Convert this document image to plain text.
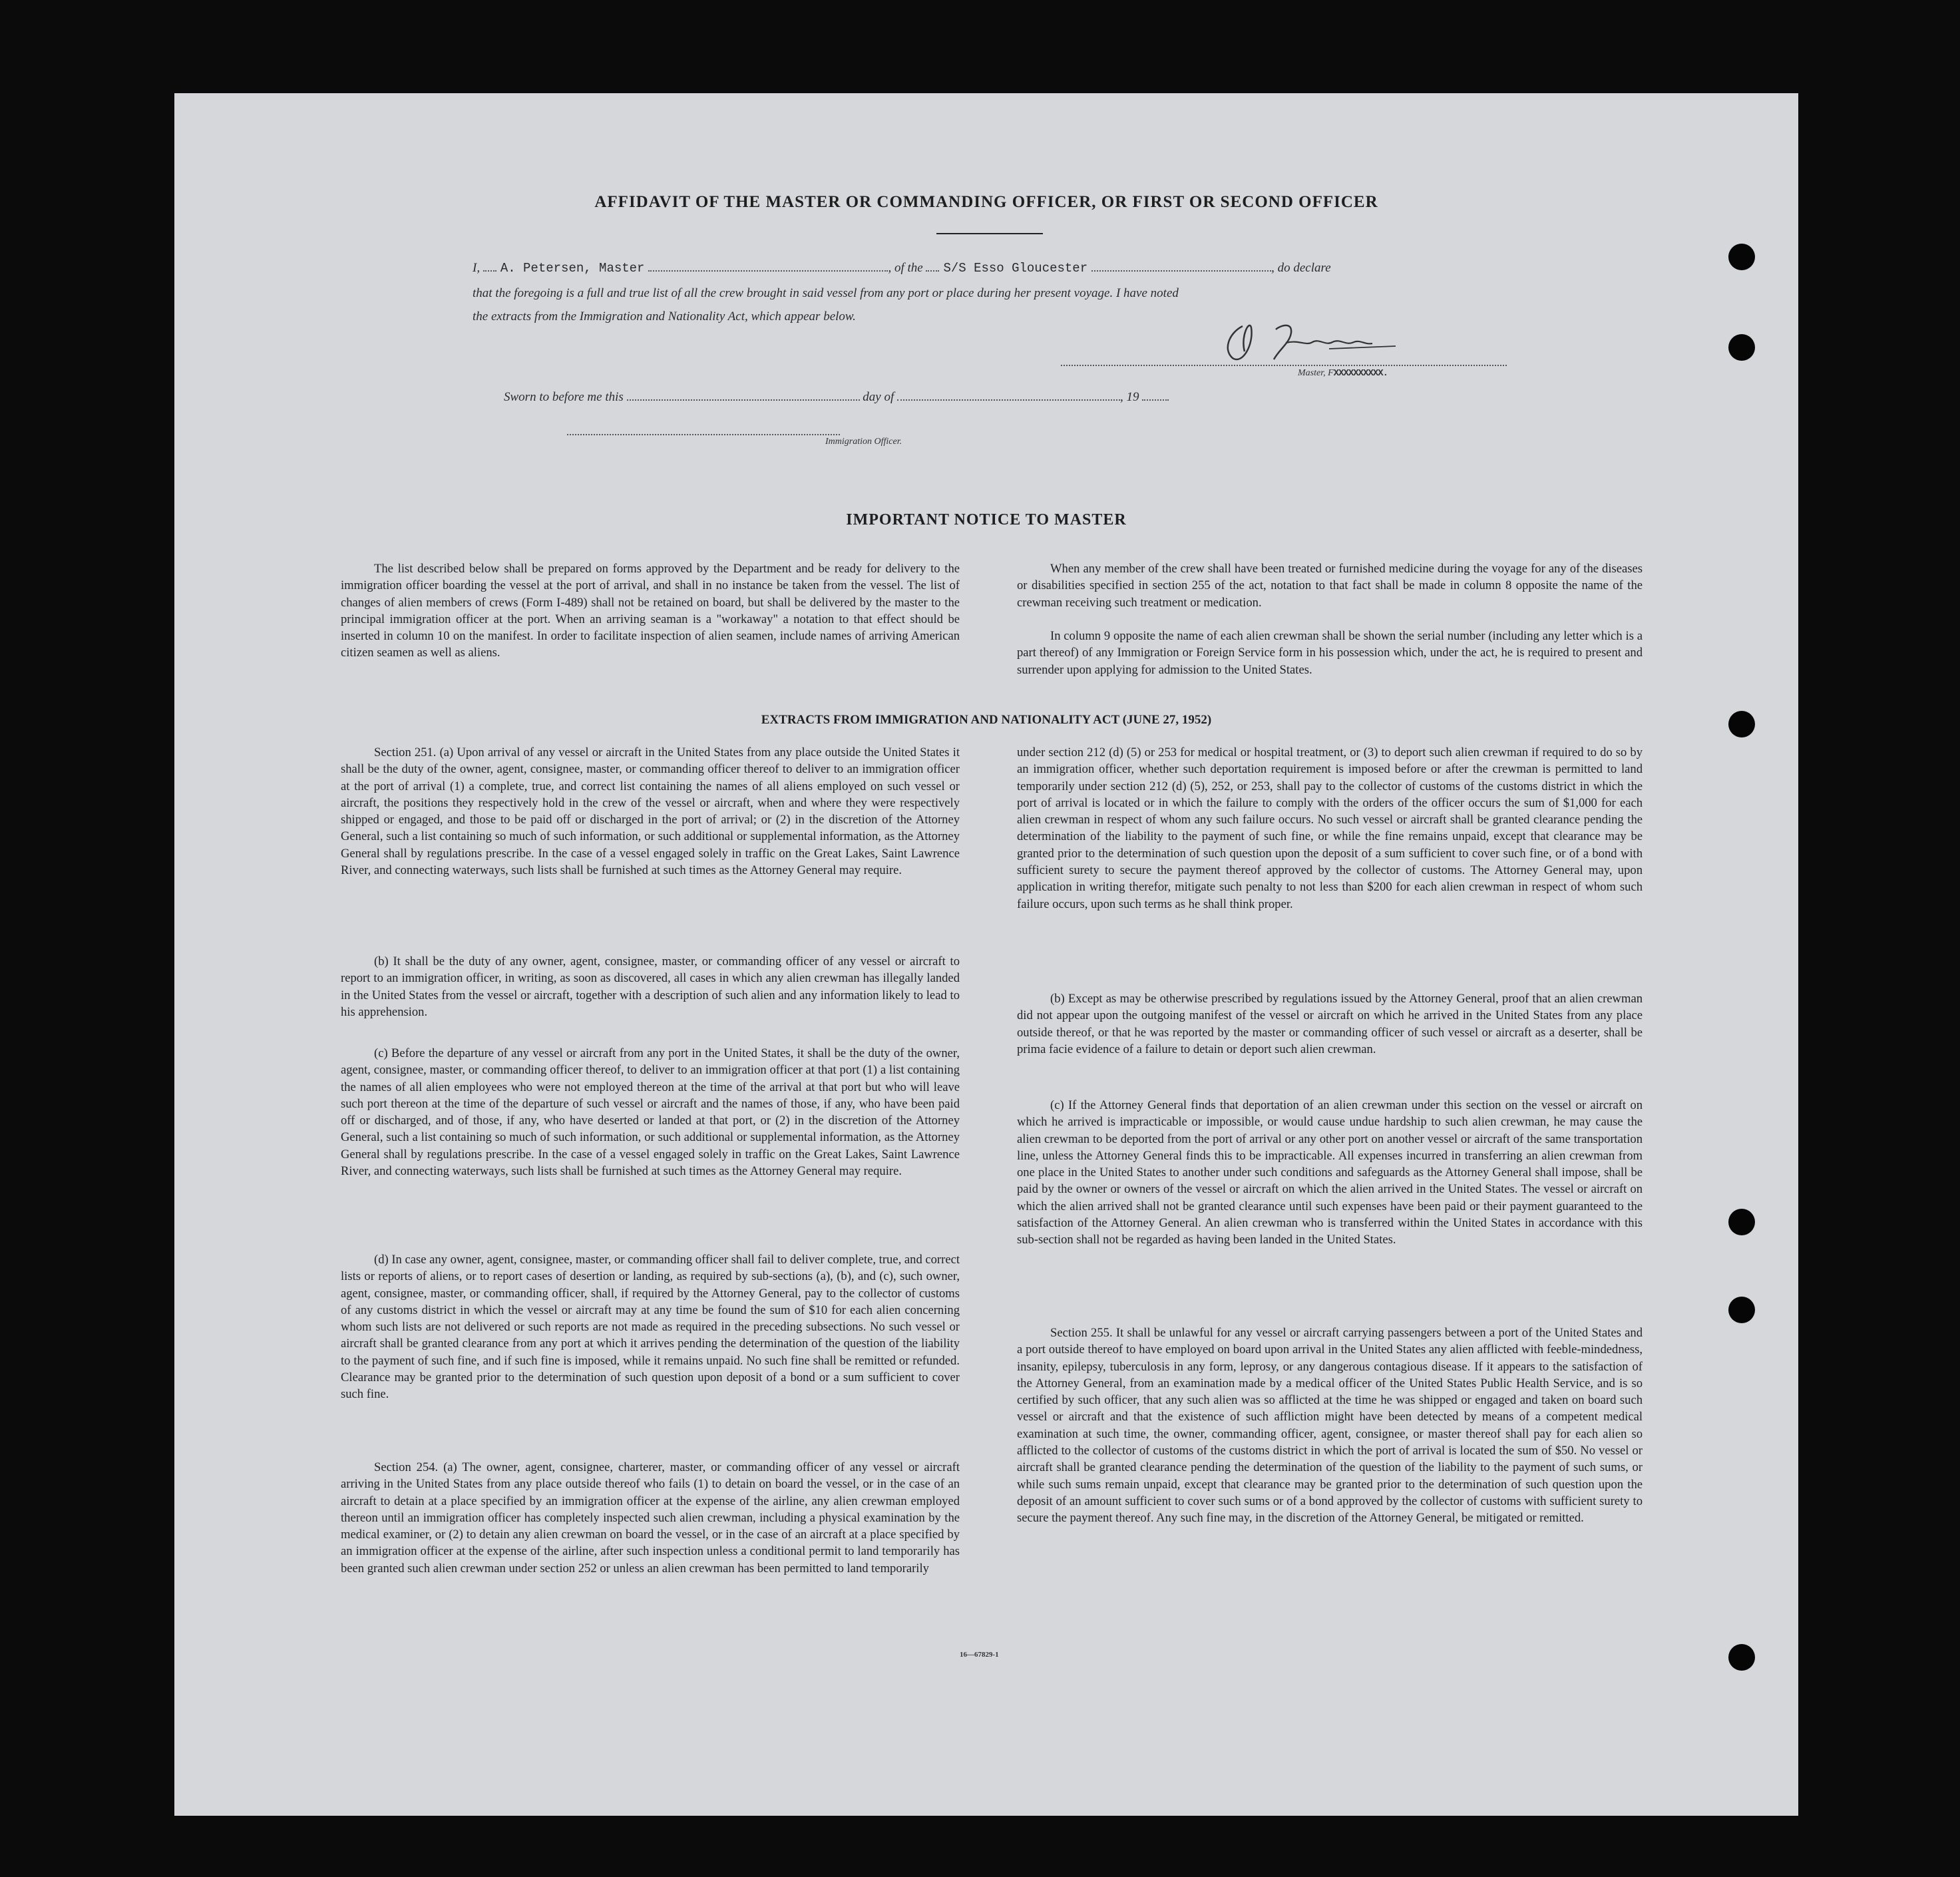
AFFIDAVIT OF THE MASTER OR COMMANDING OFFICER, OR FIRST OR SECOND OFFICER
I, A. Petersen, Master	, of the S/S Esso Gloucester	, do declare
that the foregoing is a full and true list of all the crew brought in said vessel from any port or place during her present voyage. I have noted
the extracts from the Immigration and Nationality Act, which appear below.
Master, FXXXXXXXXXX.
Sworn to before me this	day of	, 19
Immigration Officer.
IMPORTANT NOTICE TO MASTER

The list described below shall be prepared on forms approved by the Department and be ready for delivery to the immigration officer boarding the vessel at the port of arrival, and shall in no instance be taken from the vessel. The list of changes of alien members of crews (Form I-489) shall not be retained on board, but shall be delivered by the master to the principal immigration officer at the port. When an arriving seaman is a "workaway" a notation to that effect should be inserted in column 10 on the manifest. In order to facilitate inspection of alien seamen, include names of arriving American citizen seamen as well as aliens.

When any member of the crew shall have been treated or furnished medicine during the voyage for any of the diseases or disabilities specified in section 255 of the act, notation to that fact shall be made in column 8 opposite the name of the crewman receiving such treatment or medication.

In column 9 opposite the name of each alien crewman shall be shown the serial number (including any letter which is a part thereof) of any Immigration or Foreign Service form in his possession which, under the act, he is required to present and surrender upon applying for admission to the United States.

EXTRACTS FROM IMMIGRATION AND NATIONALITY ACT (JUNE 27, 1952)

Section 251. (a) Upon arrival of any vessel or aircraft in the United States from any place outside the United States it shall be the duty of the owner, agent, consignee, master, or commanding officer thereof to deliver to an immigration officer at the port of arrival (1) a complete, true, and correct list containing the names of all aliens employed on such vessel or aircraft, the positions they respectively hold in the crew of the vessel or aircraft, when and where they were respectively shipped or engaged, and those to be paid off or discharged in the port of arrival; or (2) in the discretion of the Attorney General, such a list containing so much of such information, or such additional or supplemental information, as the Attorney General shall by regulations prescribe. In the case of a vessel engaged solely in traffic on the Great Lakes, Saint Lawrence River, and connecting waterways, such lists shall be furnished at such times as the Attorney General may require.

(b) It shall be the duty of any owner, agent, consignee, master, or commanding officer of any vessel or aircraft to report to an immigration officer, in writing, as soon as discovered, all cases in which any alien crewman has illegally landed in the United States from the vessel or aircraft, together with a description of such alien and any information likely to lead to his apprehension.

(c) Before the departure of any vessel or aircraft from any port in the United States, it shall be the duty of the owner, agent, consignee, master, or commanding officer thereof, to deliver to an immigration officer at that port (1) a list containing the names of all alien employees who were not employed thereon at the time of the arrival at that port but who will leave such port thereon at the time of the departure of such vessel or aircraft and the names of those, if any, who have been paid off or discharged, and of those, if any, who have deserted or landed at that port, or (2) in the discretion of the Attorney General, such a list containing so much of such information, or such additional or supplemental information, as the Attorney General shall by regulations prescribe. In the case of a vessel engaged solely in traffic on the Great Lakes, Saint Lawrence River, and connecting waterways, such lists shall be furnished at such times as the Attorney General may require.

(d) In case any owner, agent, consignee, master, or commanding officer shall fail to deliver complete, true, and correct lists or reports of aliens, or to report cases of desertion or landing, as required by sub-sections (a), (b), and (c), such owner, agent, consignee, master, or commanding officer, shall, if required by the Attorney General, pay to the collector of customs of any customs district in which the vessel or aircraft may at any time be found the sum of $10 for each alien concerning whom such lists are not delivered or such reports are not made as required in the preceding subsections. No such vessel or aircraft shall be granted clearance from any port at which it arrives pending the determination of the question of the liability to the payment of such fine, and if such fine is imposed, while it remains unpaid. No such fine shall be remitted or refunded. Clearance may be granted prior to the determination of such question upon deposit of a bond or a sum sufficient to cover such fine.

Section 254. (a) The owner, agent, consignee, charterer, master, or commanding officer of any vessel or aircraft arriving in the United States from any place outside thereof who fails (1) to detain on board the vessel, or in the case of an aircraft to detain at a place specified by an immigration officer at the expense of the airline, any alien crewman employed thereon until an immigration officer has completely inspected such alien crewman, including a physical examination by the medical examiner, or (2) to detain any alien crewman on board the vessel, or in the case of an aircraft at a place specified by an immigration officer at the expense of the airline, after such inspection unless a conditional permit to land temporarily has been granted such alien crewman under section 252 or unless an alien crewman has been permitted to land temporarily

under section 212 (d) (5) or 253 for medical or hospital treatment, or (3) to deport such alien crewman if required to do so by an immigration officer, whether such deportation requirement is imposed before or after the crewman is permitted to land temporarily under section 212 (d) (5), 252, or 253, shall pay to the collector of customs of the customs district in which the port of arrival is located or in which the failure to comply with the orders of the officer occurs the sum of $1,000 for each alien crewman in respect of whom any such failure occurs. No such vessel or aircraft shall be granted clearance pending the determination of the liability to the payment of such fine, or while the fine remains unpaid, except that clearance may be granted prior to the determination of such question upon the deposit of a sum sufficient to cover such fine, or of a bond with sufficient surety to secure the payment thereof approved by the collector of customs. The Attorney General may, upon application in writing therefor, mitigate such penalty to not less than $200 for each alien crewman in respect of whom such failure occurs, upon such terms as he shall think proper.

(b) Except as may be otherwise prescribed by regulations issued by the Attorney General, proof that an alien crewman did not appear upon the outgoing manifest of the vessel or aircraft on which he arrived in the United States from any place outside thereof, or that he was reported by the master or commanding officer of such vessel or aircraft as a deserter, shall be prima facie evidence of a failure to detain or deport such alien crewman.

(c) If the Attorney General finds that deportation of an alien crewman under this section on the vessel or aircraft on which he arrived is impracticable or impossible, or would cause undue hardship to such alien crewman, he may cause the alien crewman to be deported from the port of arrival or any other port on another vessel or aircraft of the same transportation line, unless the Attorney General finds this to be impracticable. All expenses incurred in transferring an alien crewman from one place in the United States to another under such conditions and safeguards as the Attorney General shall impose, shall be paid by the owner or owners of the vessel or aircraft on which the alien arrived in the United States. The vessel or aircraft on which the alien arrived shall not be granted clearance until such expenses have been paid or their payment guaranteed to the satisfaction of the Attorney General. An alien crewman who is transferred within the United States in accordance with this sub-section shall not be regarded as having been landed in the United States.

Section 255. It shall be unlawful for any vessel or aircraft carrying passengers between a port of the United States and a port outside thereof to have employed on board upon arrival in the United States any alien afflicted with feeble-mindedness, insanity, epilepsy, tuberculosis in any form, leprosy, or any dangerous contagious disease. If it appears to the satisfaction of the Attorney General, from an examination made by a medical officer of the United States Public Health Service, and is so certified by such officer, that any such alien was so afflicted at the time he was shipped or engaged and taken on board such vessel or aircraft and that the existence of such affliction might have been detected by means of a competent medical examination at such time, the owner, commanding officer, agent, consignee, or master thereof shall pay for each alien so afflicted to the collector of customs of the customs district in which the port of arrival is located the sum of $50. No vessel or aircraft shall be granted clearance pending the determination of the question of the liability to the payment of such sums, or while such sums remain unpaid, except that clearance may be granted prior to the determination of such question upon the deposit of an amount sufficient to cover such sums or of a bond approved by the collector of customs with sufficient surety to secure the payment thereof. Any such fine may, in the discretion of the Attorney General, be mitigated or remitted.

16—67829-1
